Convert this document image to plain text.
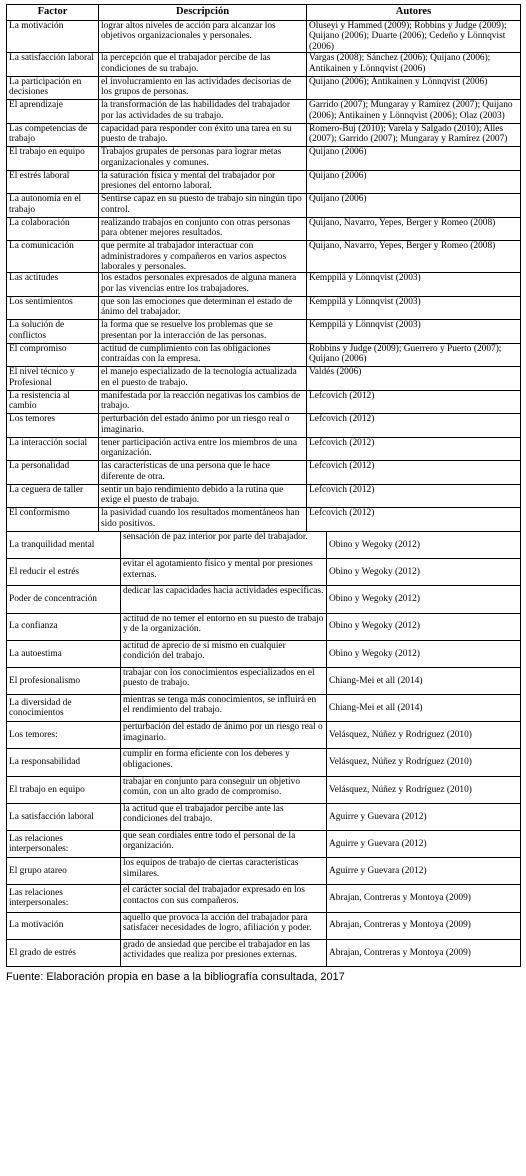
Factor	Descripción	Autores
La motivación	lograr altos niveles de acción para alcanzar los objetivos organizacionales y personales.	Oluseyi y Hammed (2009); Robbins y Judge (2009); Quijano (2006); Duarte (2006); Cedeño y Lönnqvist (2006)
La satisfacción laboral	la percepción que el trabajador percibe de las condiciones de su trabajo.	Vargas (2008); Sánchez (2006); Quijano (2006); Antikainen y Lönnqvist (2006)
La participación en decisiones	el involucramiento en las actividades decisorias de los grupos de personas.	Quijano (2006); Antikainen y Lönnqvist (2006)
El aprendizaje	la transformación de las habilidades del trabajador por las actividades de su trabajo.	Garrido (2007); Mungaray y Ramírez (2007); Quijano (2006); Antikainen y Lönnqvist (2006); Olaz (2003)
Las competencias de trabajo	capacidad para responder con éxito una tarea en su puesto de trabajo.	Romero-Buj (2010); Varela y Salgado (2010); Alles (2007); Garrido (2007); Mungaray y Ramírez (2007)
El trabajo en equipo	Trabajos grupales de personas para lograr metas organizacionales y comunes.	Quijano (2006)
El estrés laboral	la saturación física y mental del trabajador por presiones del entorno laboral.	Quijano (2006)
La autonomía en el trabajo	Sentirse capaz en su puesto de trabajo sin ningún tipo control.	Quijano (2006)
La colaboración	realizando trabajos en conjunto con otras personas para obtener mejores resultados.	Quijano, Navarro, Yepes, Berger y Romeo (2008)
La comunicación	que permite al trabajador interactuar con administradores y compañeros en varios aspectos laborales y personales.	Quijano, Navarro, Yepes, Berger y Romeo (2008)
Las actitudes	los estados personales expresados de alguna manera por las vivencias entre los trabajadores.	Kemppilä y Lönnqvist (2003)
Los sentimientos	que son las emociones que determinan el estado de ánimo del trabajador.	Kemppilä y Lönnqvist (2003)
La solución de conflictos	la forma que se resuelve los problemas que se presentan por la interacción de las personas.	Kemppilä y Lönnqvist (2003)
El compromiso	actitud de cumplimiento con las obligaciones contraídas con la empresa.	Robbins y Judge (2009); Guerrero y Puerto (2007); Quijano (2006)
El nivel técnico y Profesional	el manejo especializado de la tecnología actualizada en el puesto de trabajo.	Valdés (2006)
La resistencia al cambio	manifestada por la reacción negativas los cambios de trabajo.	Lefcovich (2012)
Los temores	perturbación del estado ánimo por un riesgo real o imaginario.	Lefcovich (2012)
La interacción social	tener participación activa entre los miembros de una organización.	Lefcovich (2012)
La personalidad	las características de una persona que le hace diferente de otra.	Lefcovich (2012)
La ceguera de taller	sentir un bajo rendimiento debido a la rutina que exige el puesto de trabajo.	Lefcovich (2012)
El conformismo	la pasividad cuando los resultados momentáneos han sido positivos.	Lefcovich (2012)
La tranquilidad mental	sensación de paz interior por parte del trabajador.	Obino y Wegoky (2012)
El reducir el estrés	evitar el agotamiento físico y mental por presiones externas.	Obino y Wegoky (2012)
Poder de concentración	dedicar las capacidades hacia actividades específicas.	Obino y Wegoky (2012)
La confianza	actitud de no temer el entorno en su puesto de trabajo y de la organización.	Obino y Wegoky (2012)
La autoestima	actitud de aprecio de sí mismo en cualquier condición del trabajo.	Obino y Wegoky (2012)
El profesionalismo	trabajar con los conocimientos especializados en el puesto de trabajo.	Chiang-Mei et all (2014)
La diversidad de conocimientos	mientras se tenga más conocimientos, se influirá en el rendimiento del trabajo.	Chiang-Mei et all (2014)
Los temores:	perturbación del estado de ánimo por un riesgo real o imaginario.	Velásquez, Núñez y Rodríguez (2010)
La responsabilidad	cumplir en forma eficiente con los deberes y obligaciones.	Velásquez, Núñez y Rodríguez (2010)
El trabajo en equipo	trabajar en conjunto para conseguir un objetivo común, con un alto grado de compromiso.	Velásquez, Núñez y Rodríguez (2010)
La satisfacción laboral	la actitud que el trabajador percibe ante las condiciones del trabajo.	Aguirre y Guevara (2012)
Las relaciones interpersonales:	que sean cordiales entre todo el personal de la organización.	Aguirre y Guevara (2012)
El grupo atareo	los equipos de trabajo de ciertas características similares.	Aguirre y Guevara (2012)
Las relaciones interpersonales:	el carácter social del trabajador expresado en los contactos con sus compañeros.	Abrajan, Contreras y Montoya (2009)
La motivación	aquello que provoca la acción del trabajador para satisfacer necesidades de logro, afiliación y poder.	Abrajan, Contreras y Montoya (2009)
El grado de estrés	grado de ansiedad que percibe el trabajador en las actividades que realiza por presiones externas.	Abrajan, Contreras y Montoya (2009)
Fuente: Elaboración propia en base a la bibliografía consultada, 2017
